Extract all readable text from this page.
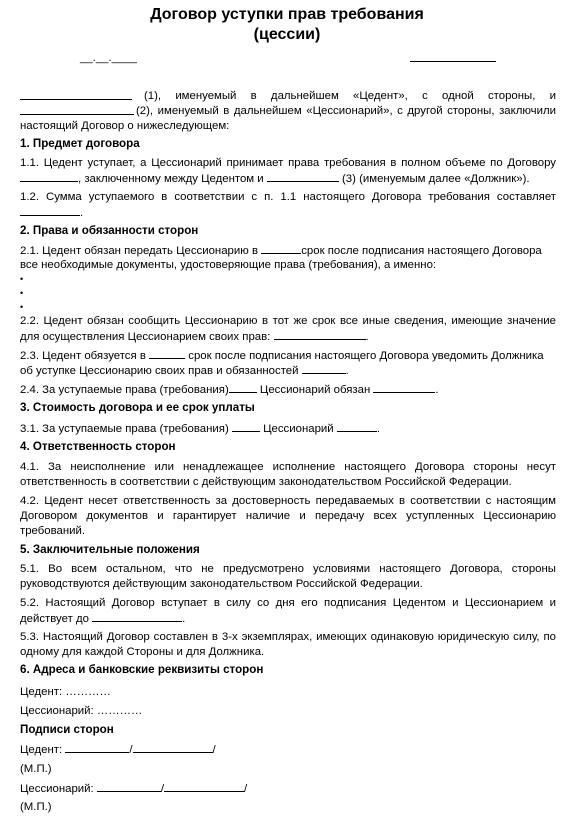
Договор уступки прав требования
(цессии)
__.__.____
(1), именуемый в дальнейшем «Цедент», с одной стороны, и
(2), именуемый в дальнейшем «Цессионарий», с другой стороны, заключили
настоящий Договор о нижеследующем:
1. Предмет договора
1.1. Цедент уступает, а Цессионарий принимает права требования в полном объеме по Договору
, заключенному между Цедентом и	(3) (именуемым далее «Должник»).
1.2. Сумма уступаемого в соответствии с п. 1.1 настоящего Договора требования составляет
.
2. Права и обязанности сторон
2.1. Цедент обязан передать Цессионарию в	срок после подписания настоящего Договора
все необходимые документы, удостоверяющие права (требования), а именно:
•
•
•
2.2. Цедент обязан сообщить Цессионарию в тот же срок все иные сведения, имеющие значение
для осуществления Цессионарием своих прав:	.
2.3. Цедент обязуется в	срок после подписания настоящего Договора уведомить Должника
об уступке Цессионарию своих прав и обязанностей	.
2.4. За уступаемые права (требования)	Цессионарий обязан	.
3. Стоимость договора и ее срок уплаты
3.1. За уступаемые права (требования)	Цессионарий	.
4. Ответственность сторон
4.1. За неисполнение или ненадлежащее исполнение настоящего Договора стороны несут
ответственность в соответствии с действующим законодательством Российской Федерации.
4.2. Цедент несет ответственность за достоверность передаваемых в соответствии с настоящим
Договором документов и гарантирует наличие и передачу всех уступленных Цессионарию
требований.
5. Заключительные положения
5.1. Во всем остальном, что не предусмотрено условиями настоящего Договора, стороны
руководствуются действующим законодательством Российской Федерации.
5.2. Настоящий Договор вступает в силу со дня его подписания Цедентом и Цессионарием и
действует до	.
5.3. Настоящий Договор составлен в 3-х экземплярах, имеющих одинаковую юридическую силу, по
одному для каждой Стороны и для Должника.
6. Адреса и банковские реквизиты сторон
Цедент: …………
Цессионарий: …………
Подписи сторон
Цедент:	/	/
(М.П.)
Цессионарий:	/	/
(М.П.)
